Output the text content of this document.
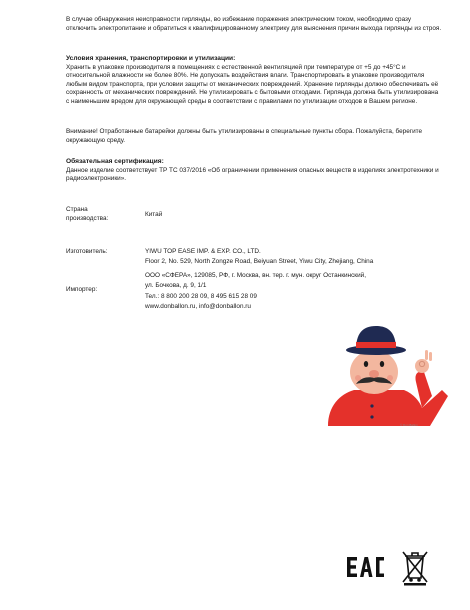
В случае обнаружения неисправности гирлянды, во избежание поражения электрическим током, необходимо сразу отключить электропитание и обратиться к квалифицированному электрику для выяснения причин выхода гирлянды из строя.

Условия хранения, транспортировки и утилизации:

Хранить в упаковке производителя в помещениях с естественной вентиляцией при температуре от +5 до +45°С и относительной влажности не более 80%. Не допускать воздействия влаги. Транспортировать в упаковке производителя любым видом транспорта, при условии защиты от механических повреждений. Хранение гирлянды должно обеспечивать её сохранность от механических повреждений. Не утилизировать с бытовыми отходами. Гирлянда должна быть утилизирована с наименьшим вредом для окружающей среды в соответствии с правилами по утилизации отходов в Вашем регионе.

Внимание! Отработанные батарейки должны быть утилизированы в специальные пункты сбора. Пожалуйста, берегите окружающую среду.

Обязательная сертификация:

Данное изделие соответствует ТР ТС 037/2016 «Об ограничении применения опасных веществ в изделиях электротехники и радиоэлектроники».

Страна производства:

Китай

Изготовитель:	YIWU TOP EASE IMP. & EXP. CO., LTD.

Floor 2, No. 529, North Zongze Road, Beiyuan Street, Yiwu City, Zhejiang, China

Импортер:

ООО «СФЕРА», 129085, РФ, г. Москва, вн. тер. г. мун. округ Останкинский,

ул. Бочкова, д. 9, 1/1

Тел.: 8 800 200 28 09, 8 495 615 28 09

www.donballon.ru, info@donballon.ru

© Don Ballon
